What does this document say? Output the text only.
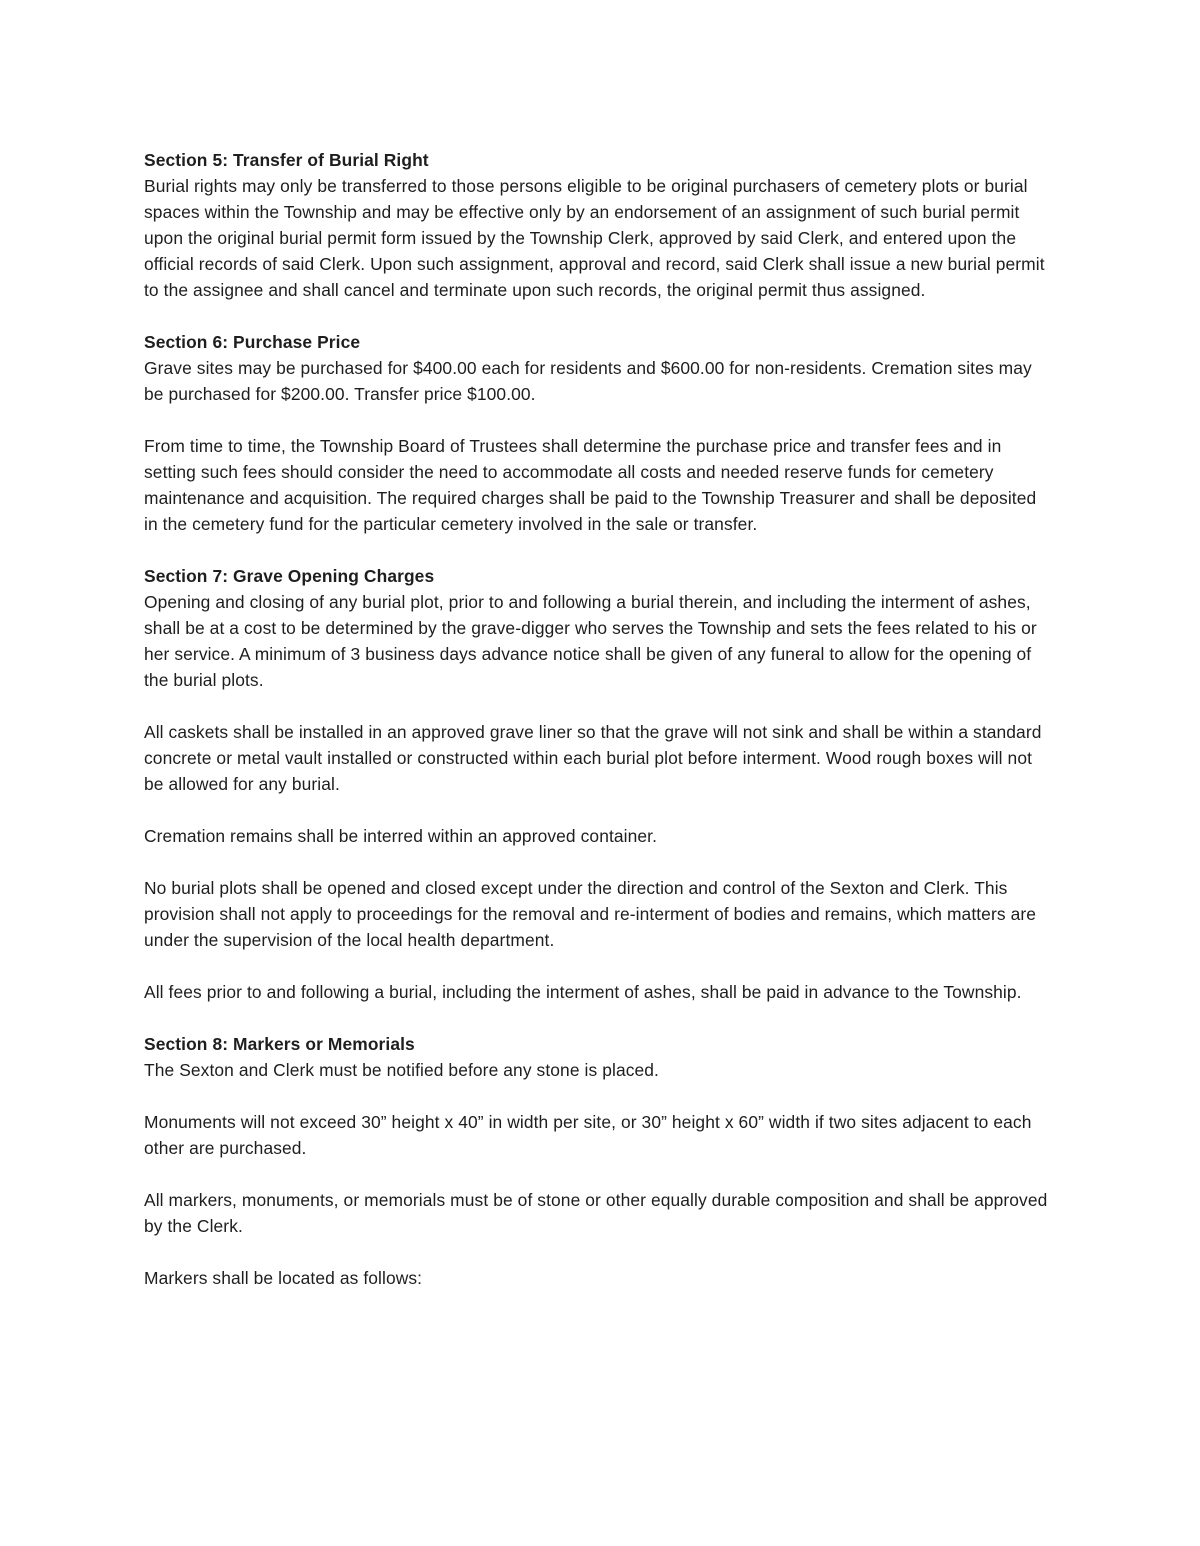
Section 5: Transfer of Burial Right

Burial rights may only be transferred to those persons eligible to be original purchasers of cemetery plots or burial spaces within the Township and may be effective only by an endorsement of an assignment of such burial permit upon the original burial permit form issued by the Township Clerk, approved by said Clerk, and entered upon the official records of said Clerk. Upon such assignment, approval and record, said Clerk shall issue a new burial permit to the assignee and shall cancel and terminate upon such records, the original permit thus assigned.

Section 6: Purchase Price

Grave sites may be purchased for $400.00 each for residents and $600.00 for non-residents. Cremation sites may be purchased for $200.00. Transfer price $100.00.

From time to time, the Township Board of Trustees shall determine the purchase price and transfer fees and in setting such fees should consider the need to accommodate all costs and needed reserve funds for cemetery maintenance and acquisition. The required charges shall be paid to the Township Treasurer and shall be deposited in the cemetery fund for the particular cemetery involved in the sale or transfer.

Section 7: Grave Opening Charges

Opening and closing of any burial plot, prior to and following a burial therein, and including the interment of ashes, shall be at a cost to be determined by the grave-digger who serves the Township and sets the fees related to his or her service. A minimum of 3 business days advance notice shall be given of any funeral to allow for the opening of the burial plots.

All caskets shall be installed in an approved grave liner so that the grave will not sink and shall be within a standard concrete or metal vault installed or constructed within each burial plot before interment. Wood rough boxes will not be allowed for any burial.

Cremation remains shall be interred within an approved container.

No burial plots shall be opened and closed except under the direction and control of the Sexton and Clerk. This provision shall not apply to proceedings for the removal and re-interment of bodies and remains, which matters are under the supervision of the local health department.

All fees prior to and following a burial, including the interment of ashes, shall be paid in advance to the Township.

Section 8: Markers or Memorials

The Sexton and Clerk must be notified before any stone is placed.

Monuments will not exceed 30” height x 40” in width per site, or 30” height x 60” width if two sites adjacent to each other are purchased.

All markers, monuments, or memorials must be of stone or other equally durable composition and shall be approved by the Clerk.

Markers shall be located as follows:
